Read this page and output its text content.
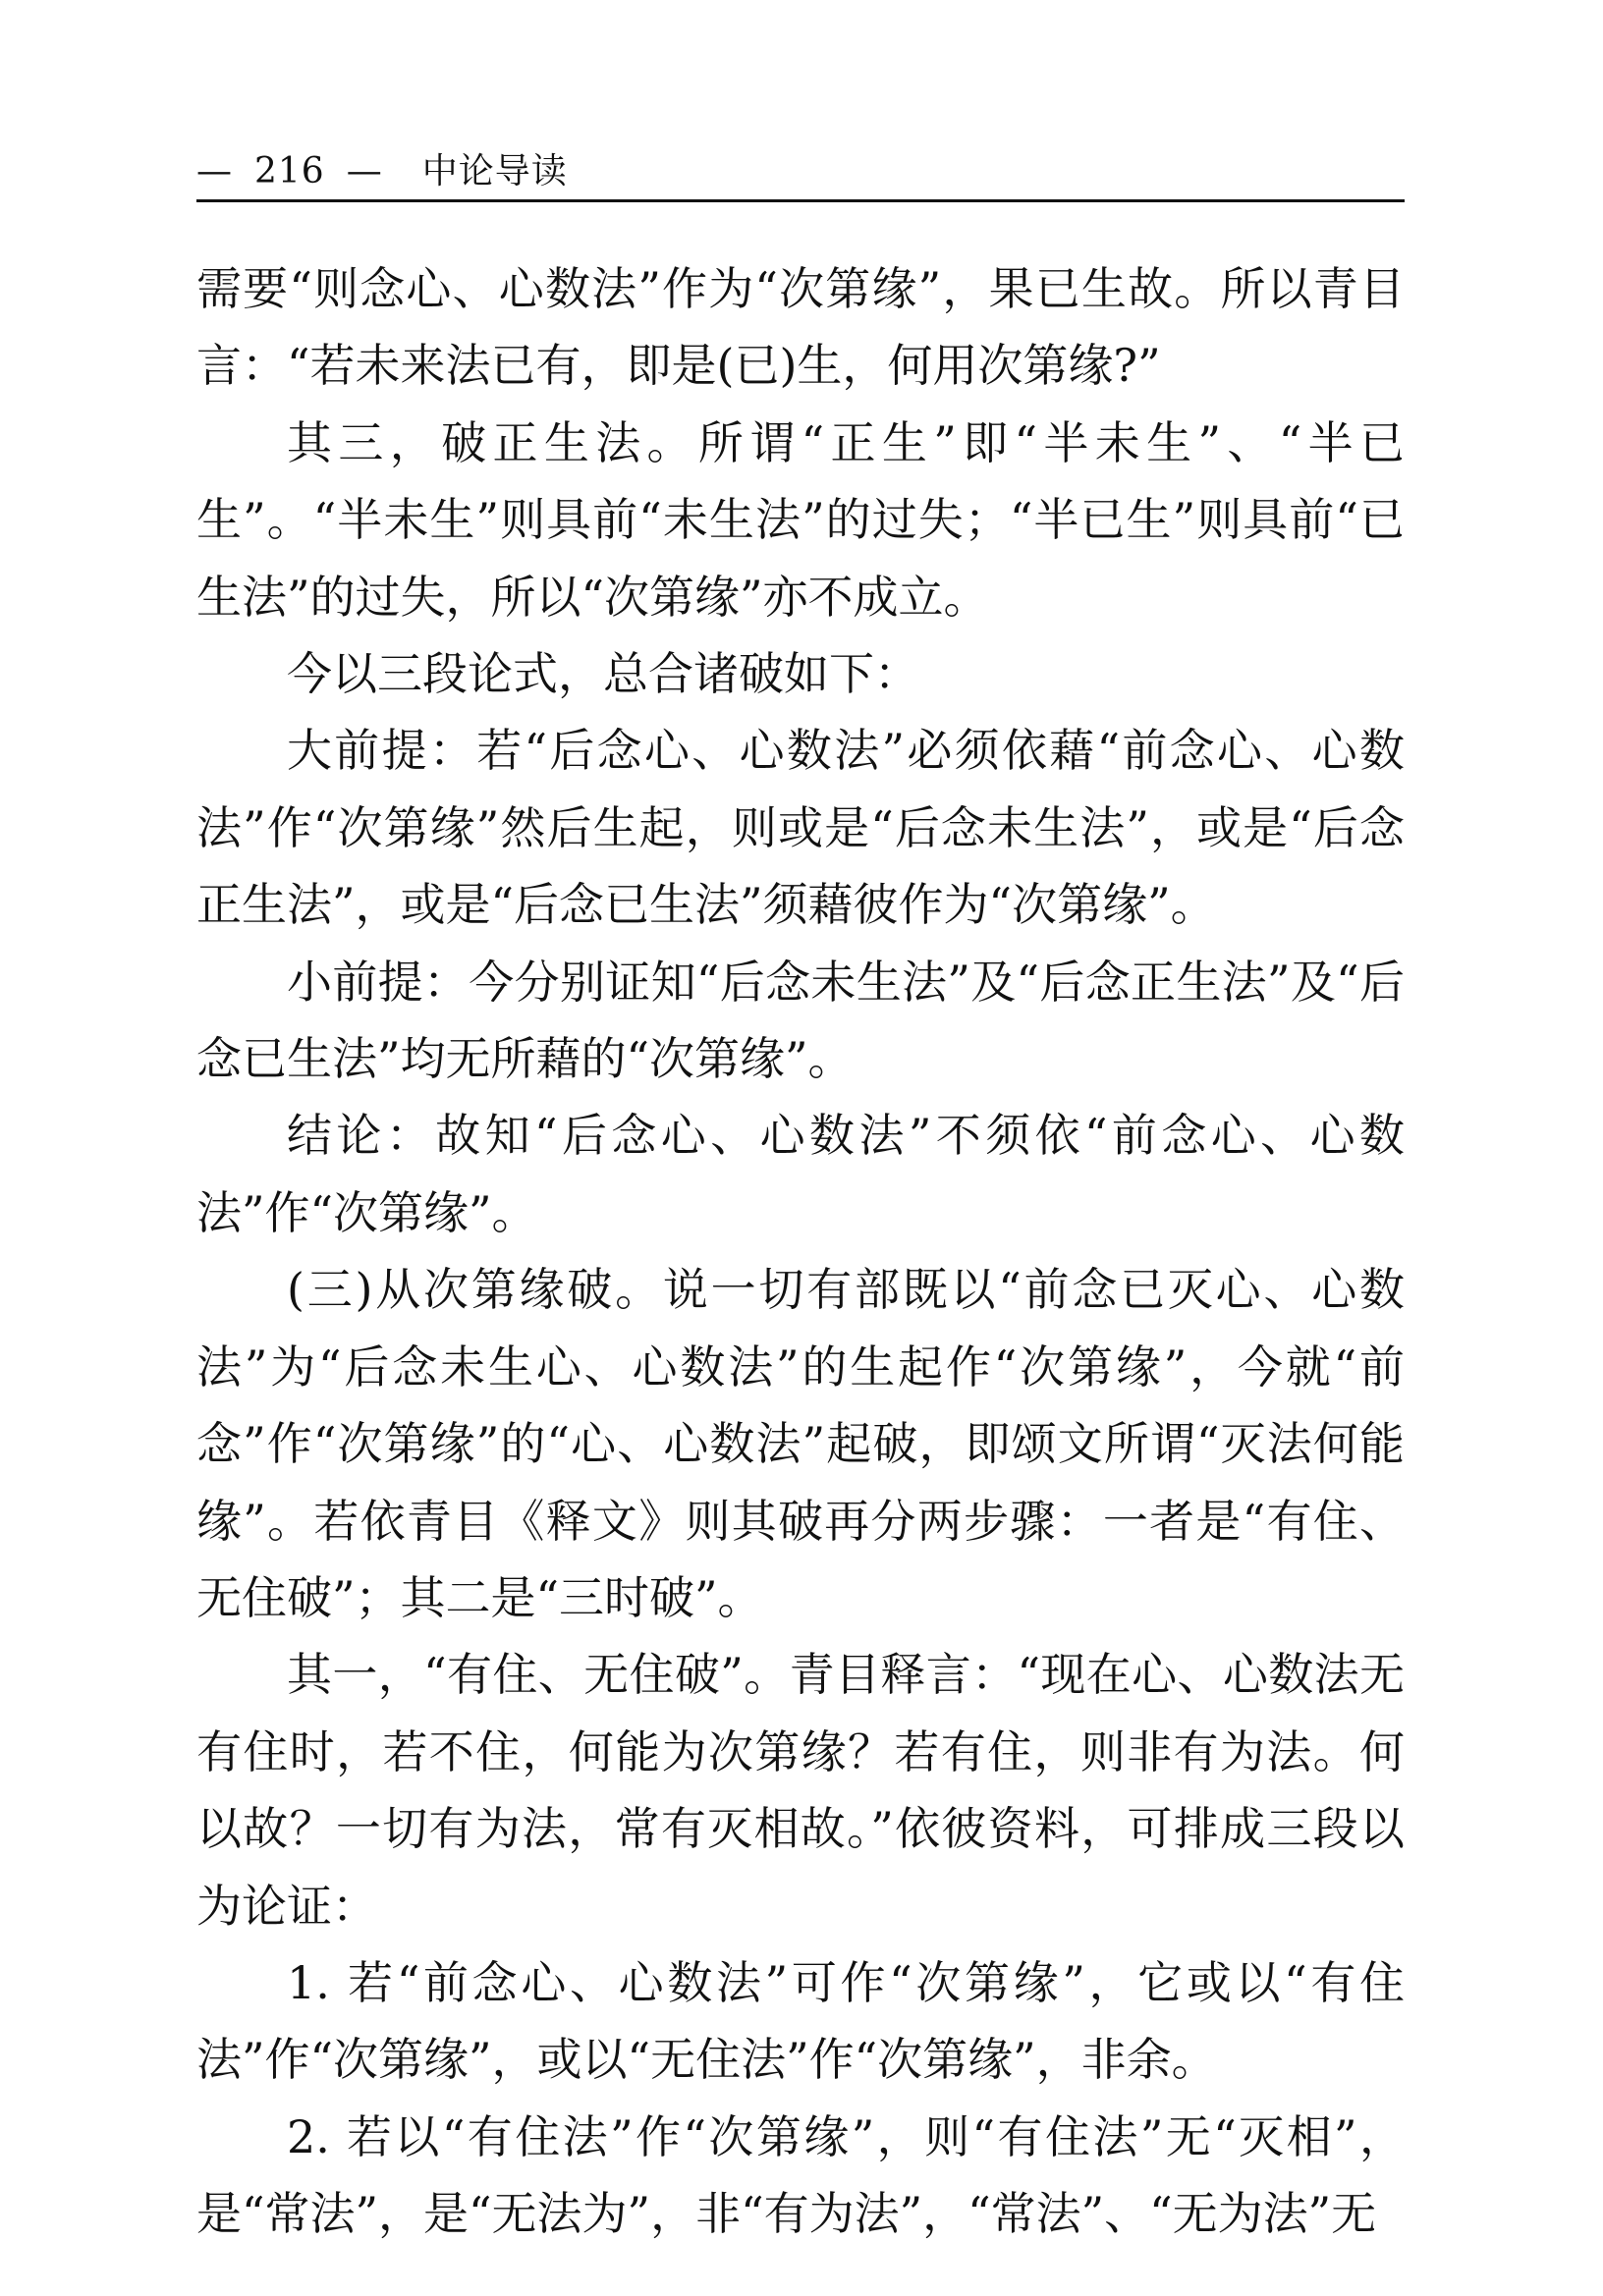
— 216 — 中论导读

需要“则念心、心数法”作为“次第缘”，果已生故。所以青目言：“若未来法已有，即是(已)生，何用次第缘?”

其三，破正生法。所谓“正生”即“半未生”、“半已生”。“半未生”则具前“未生法”的过失；“半已生”则具前“已生法”的过失，所以“次第缘”亦不成立。

今以三段论式，总合诸破如下：

大前提：若“后念心、心数法”必须依藉“前念心、心数法”作“次第缘”然后生起，则或是“后念未生法”，或是“后念正生法”，或是“后念已生法”须藉彼作为“次第缘”。

小前提：今分别证知“后念未生法”及“后念正生法”及“后念已生法”均无所藉的“次第缘”。

结论：故知“后念心、心数法”不须依“前念心、心数法”作“次第缘”。

(三)从次第缘破。说一切有部既以“前念已灭心、心数法”为“后念未生心、心数法”的生起作“次第缘”，今就“前念”作“次第缘”的“心、心数法”起破，即颂文所谓“灭法何能缘”。若依青目《释文》则其破再分两步骤：一者是“有住、无住破”；其二是“三时破”。

其一，“有住、无住破”。青目释言：“现在心、心数法无有住时，若不住，何能为次第缘？若有住，则非有为法。何以故？一切有为法，常有灭相故。”依彼资料，可排成三段以为论证：

1. 若“前念心、心数法”可作“次第缘”，它或以“有住法”作“次第缘”，或以“无住法”作“次第缘”，非余。

2. 若以“有住法”作“次第缘”，则“有住法”无“灭相”，是“常法”，是“无法为”，非“有为法”，“常法”、“无为法”无
